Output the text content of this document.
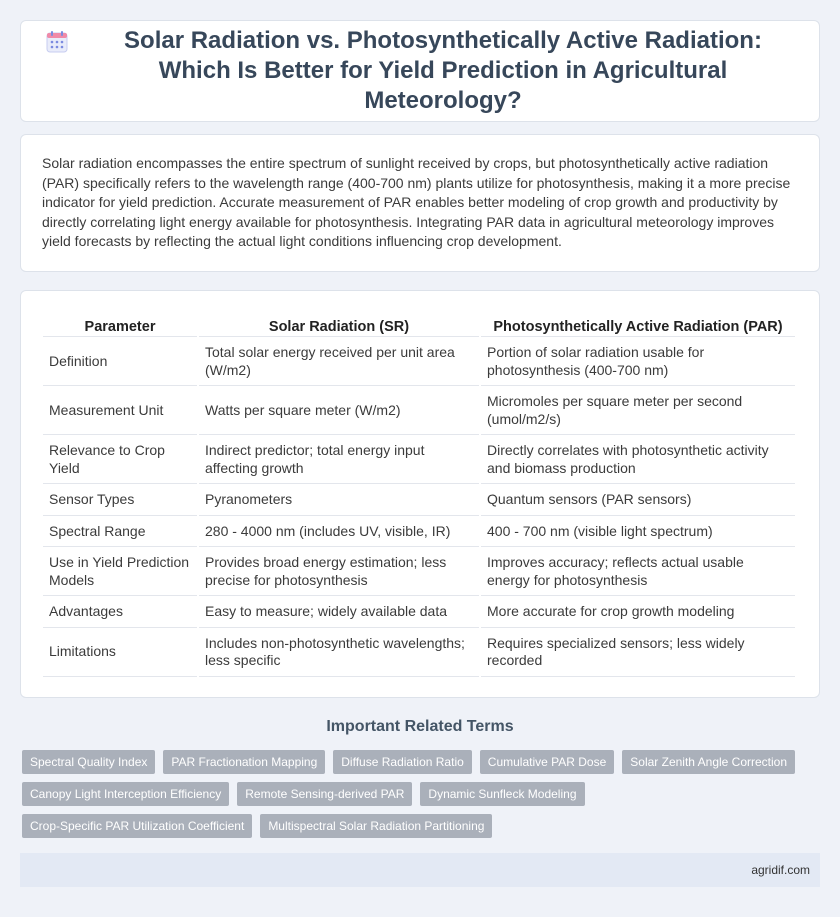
Solar Radiation vs. Photosynthetically Active Radiation: Which Is Better for Yield Prediction in Agricultural Meteorology?

Solar radiation encompasses the entire spectrum of sunlight received by crops, but photosynthetically active radiation (PAR) specifically refers to the wavelength range (400-700 nm) plants utilize for photosynthesis, making it a more precise indicator for yield prediction. Accurate measurement of PAR enables better modeling of crop growth and productivity by directly correlating light energy available for photosynthesis. Integrating PAR data in agricultural meteorology improves yield forecasts by reflecting the actual light conditions influencing crop development.

Parameter	Solar Radiation (SR)	Photosynthetically Active Radiation (PAR)
Definition	Total solar energy received per unit area (W/m2)	Portion of solar radiation usable for photosynthesis (400-700 nm)
Measurement Unit	Watts per square meter (W/m2)	Micromoles per square meter per second (umol/m2/s)
Relevance to Crop Yield	Indirect predictor; total energy input affecting growth	Directly correlates with photosynthetic activity and biomass production
Sensor Types	Pyranometers	Quantum sensors (PAR sensors)
Spectral Range	280 - 4000 nm (includes UV, visible, IR)	400 - 700 nm (visible light spectrum)
Use in Yield Prediction Models	Provides broad energy estimation; less precise for photosynthesis	Improves accuracy; reflects actual usable energy for photosynthesis
Advantages	Easy to measure; widely available data	More accurate for crop growth modeling
Limitations	Includes non-photosynthetic wavelengths; less specific	Requires specialized sensors; less widely recorded
Important Related Terms
Spectral Quality Index	PAR Fractionation Mapping	Diffuse Radiation Ratio	Cumulative PAR Dose	Solar Zenith Angle Correction
Canopy Light Interception Efficiency	Remote Sensing-derived PAR	Dynamic Sunfleck Modeling
Crop-Specific PAR Utilization Coefficient	Multispectral Solar Radiation Partitioning
agridif.com
